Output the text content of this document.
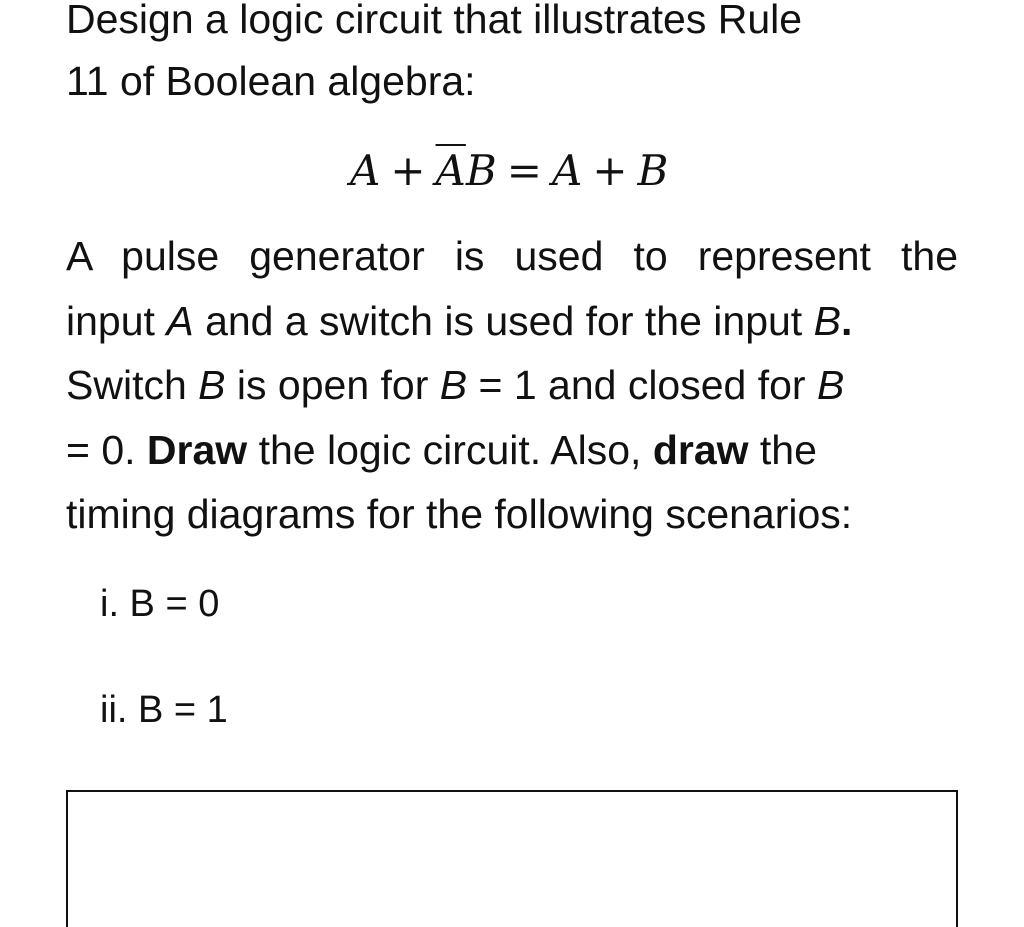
Design a logic circuit that illustrates Rule
11 of Boolean algebra:
$A + \overline{A}B = A + B$
A pulse generator is used to represent the
input A and a switch is used for the input B.
Switch B is open for B = 1 and closed for B
= 0. Draw the logic circuit. Also, draw the
timing diagrams for the following scenarios:
i. B = 0
ii. B = 1
